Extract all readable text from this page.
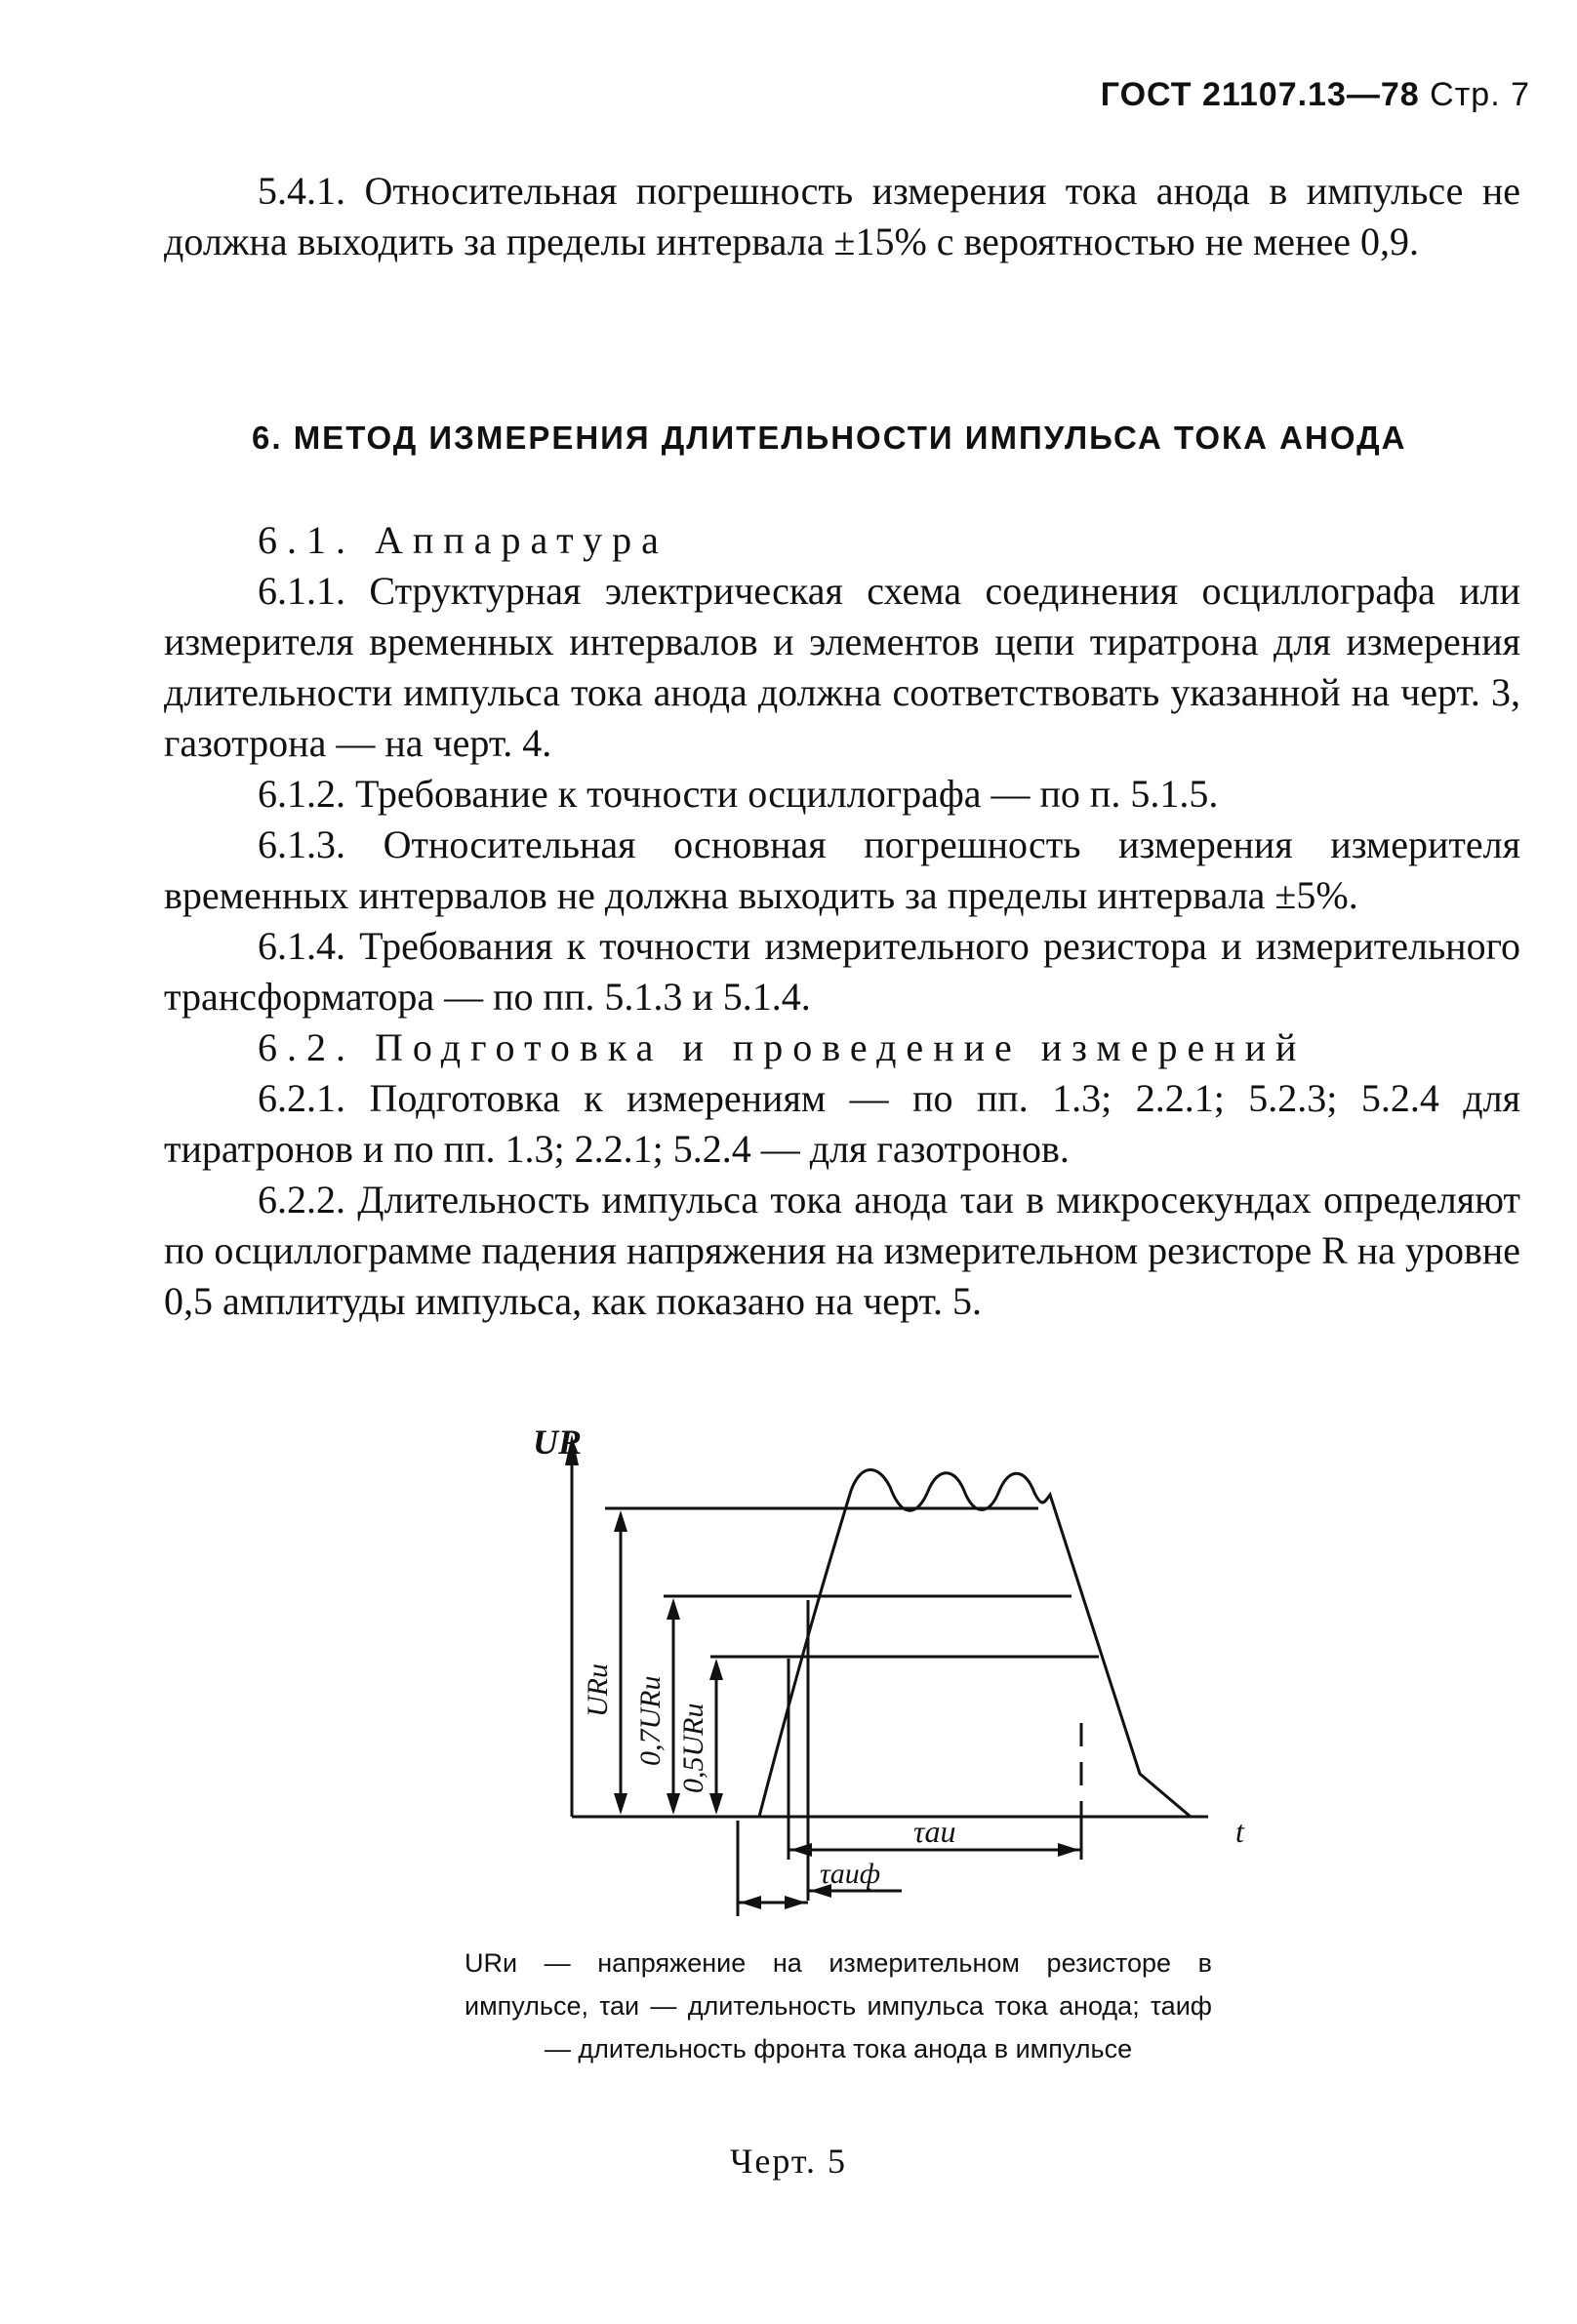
ГОСТ 21107.13—78 Стр. 7

5.4.1. Относительная погрешность измерения тока анода в импульсе не должна выходить за пределы интервала ±15% с вероятностью не менее 0,9.

6. МЕТОД ИЗМЕРЕНИЯ ДЛИТЕЛЬНОСТИ ИМПУЛЬСА ТОКА АНОДА

6.1. Аппаратура

6.1.1. Структурная электрическая схема соединения осциллографа или измерителя временных интервалов и элементов цепи тиратрона для измерения длительности импульса тока анода должна соответствовать указанной на черт. 3, газотрона — на черт. 4.

6.1.2. Требование к точности осциллографа — по п. 5.1.5.

6.1.3. Относительная основная погрешность измерения измерителя временных интервалов не должна выходить за пределы интервала ±5%.

6.1.4. Требования к точности измерительного резистора и измерительного трансформатора — по пп. 5.1.3 и 5.1.4.

6.2. Подготовка и проведение измерений

6.2.1. Подготовка к измерениям — по пп. 1.3; 2.2.1; 5.2.3; 5.2.4 для тиратронов и по пп. 1.3; 2.2.1; 5.2.4 — для газотронов.

6.2.2. Длительность импульса тока анода τаи в микросекундах определяют по осциллограмме падения напряжения на измерительном резисторе R на уровне 0,5 амплитуды импульса, как показано на черт. 5.

UR
t
URи 0,7URи 0,5URи
τаи
τаиф
URи — напряжение на измерительном резисторе в импульсе, τаи — длительность импульса тока анода; τаиф — длительность фронта тока анода в импульсе
Черт. 5
